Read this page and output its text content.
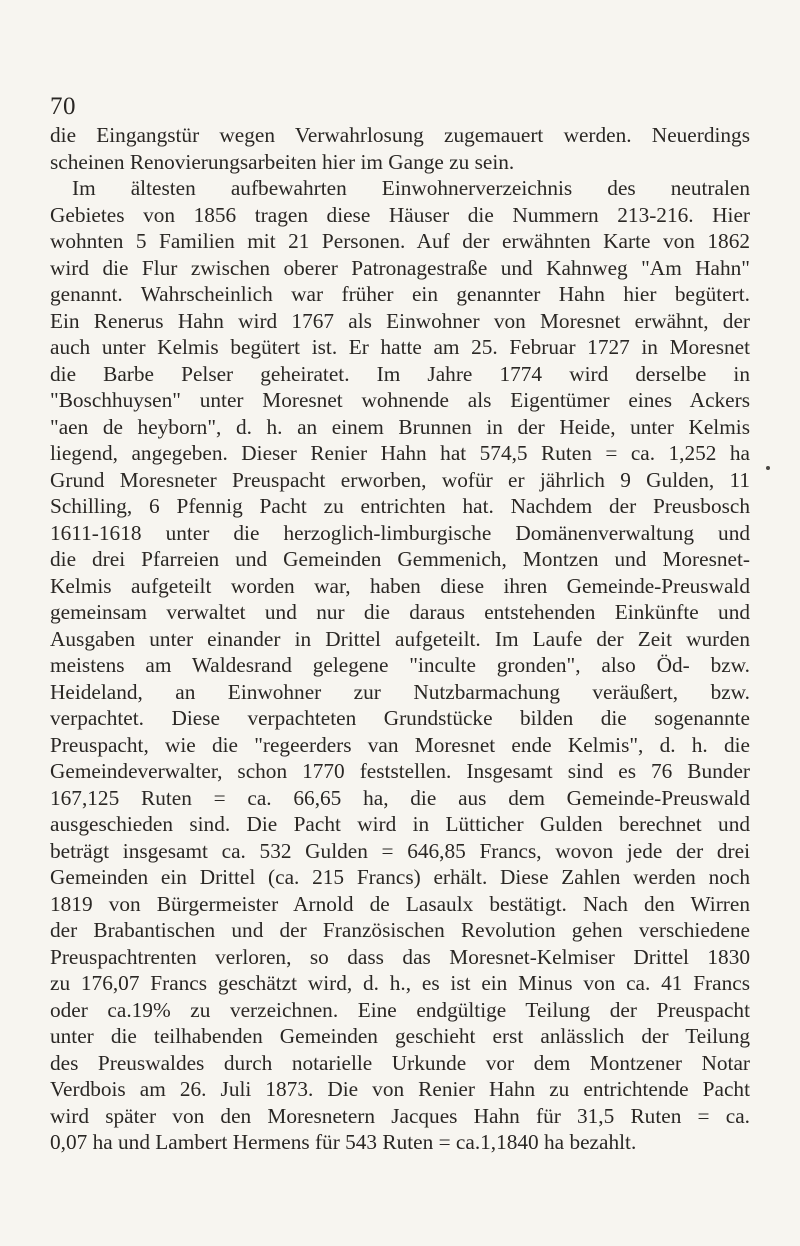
70

die Eingangstür wegen Verwahrlosung zugemauert werden. Neuerdings

scheinen Renovierungsarbeiten hier im Gange zu sein.

Im ältesten aufbewahrten Einwohnerverzeichnis des neutralen

Gebietes von 1856 tragen diese Häuser die Nummern 213-216. Hier

wohnten 5 Familien mit 21 Personen. Auf der erwähnten Karte von 1862

wird die Flur zwischen oberer Patronagestraße und Kahnweg "Am Hahn"

genannt. Wahrscheinlich war früher ein genannter Hahn hier begütert.

Ein Renerus Hahn wird 1767 als Einwohner von Moresnet erwähnt, der

auch unter Kelmis begütert ist. Er hatte am 25. Februar 1727 in Moresnet

die Barbe Pelser geheiratet. Im Jahre 1774 wird derselbe in

"Boschhuysen" unter Moresnet wohnende als Eigentümer eines Ackers

"aen de heyborn", d. h. an einem Brunnen in der Heide, unter Kelmis

liegend, angegeben. Dieser Renier Hahn hat 574,5 Ruten = ca. 1,252 ha

Grund Moresneter Preuspacht erworben, wofür er jährlich 9 Gulden, 11

Schilling, 6 Pfennig Pacht zu entrichten hat. Nachdem der Preusbosch

1611-1618 unter die herzoglich-limburgische Domänenverwaltung und

die drei Pfarreien und Gemeinden Gemmenich, Montzen und Moresnet-

Kelmis aufgeteilt worden war, haben diese ihren Gemeinde-Preuswald

gemeinsam verwaltet und nur die daraus entstehenden Einkünfte und

Ausgaben unter einander in Drittel aufgeteilt. Im Laufe der Zeit wurden

meistens am Waldesrand gelegene "inculte gronden", also Öd- bzw.

Heideland, an Einwohner zur Nutzbarmachung veräußert, bzw.

verpachtet. Diese verpachteten Grundstücke bilden die sogenannte

Preuspacht, wie die "regeerders van Moresnet ende Kelmis", d. h. die

Gemeindeverwalter, schon 1770 feststellen. Insgesamt sind es 76 Bunder

167,125 Ruten = ca. 66,65 ha, die aus dem Gemeinde-Preuswald

ausgeschieden sind. Die Pacht wird in Lütticher Gulden berechnet und

beträgt insgesamt ca. 532 Gulden = 646,85 Francs, wovon jede der drei

Gemeinden ein Drittel (ca. 215 Francs) erhält. Diese Zahlen werden noch

1819 von Bürgermeister Arnold de Lasaulx bestätigt. Nach den Wirren

der Brabantischen und der Französischen Revolution gehen verschiedene

Preuspachtrenten verloren, so dass das Moresnet-Kelmiser Drittel 1830

zu 176,07 Francs geschätzt wird, d. h., es ist ein Minus von ca. 41 Francs

oder ca.19% zu verzeichnen. Eine endgültige Teilung der Preuspacht

unter die teilhabenden Gemeinden geschieht erst anlässlich der Teilung

des Preuswaldes durch notarielle Urkunde vor dem Montzener Notar

Verdbois am 26. Juli 1873. Die von Renier Hahn zu entrichtende Pacht

wird später von den Moresnetern Jacques Hahn für 31,5 Ruten = ca.

0,07 ha und Lambert Hermens für 543 Ruten = ca.1,1840 ha bezahlt.
